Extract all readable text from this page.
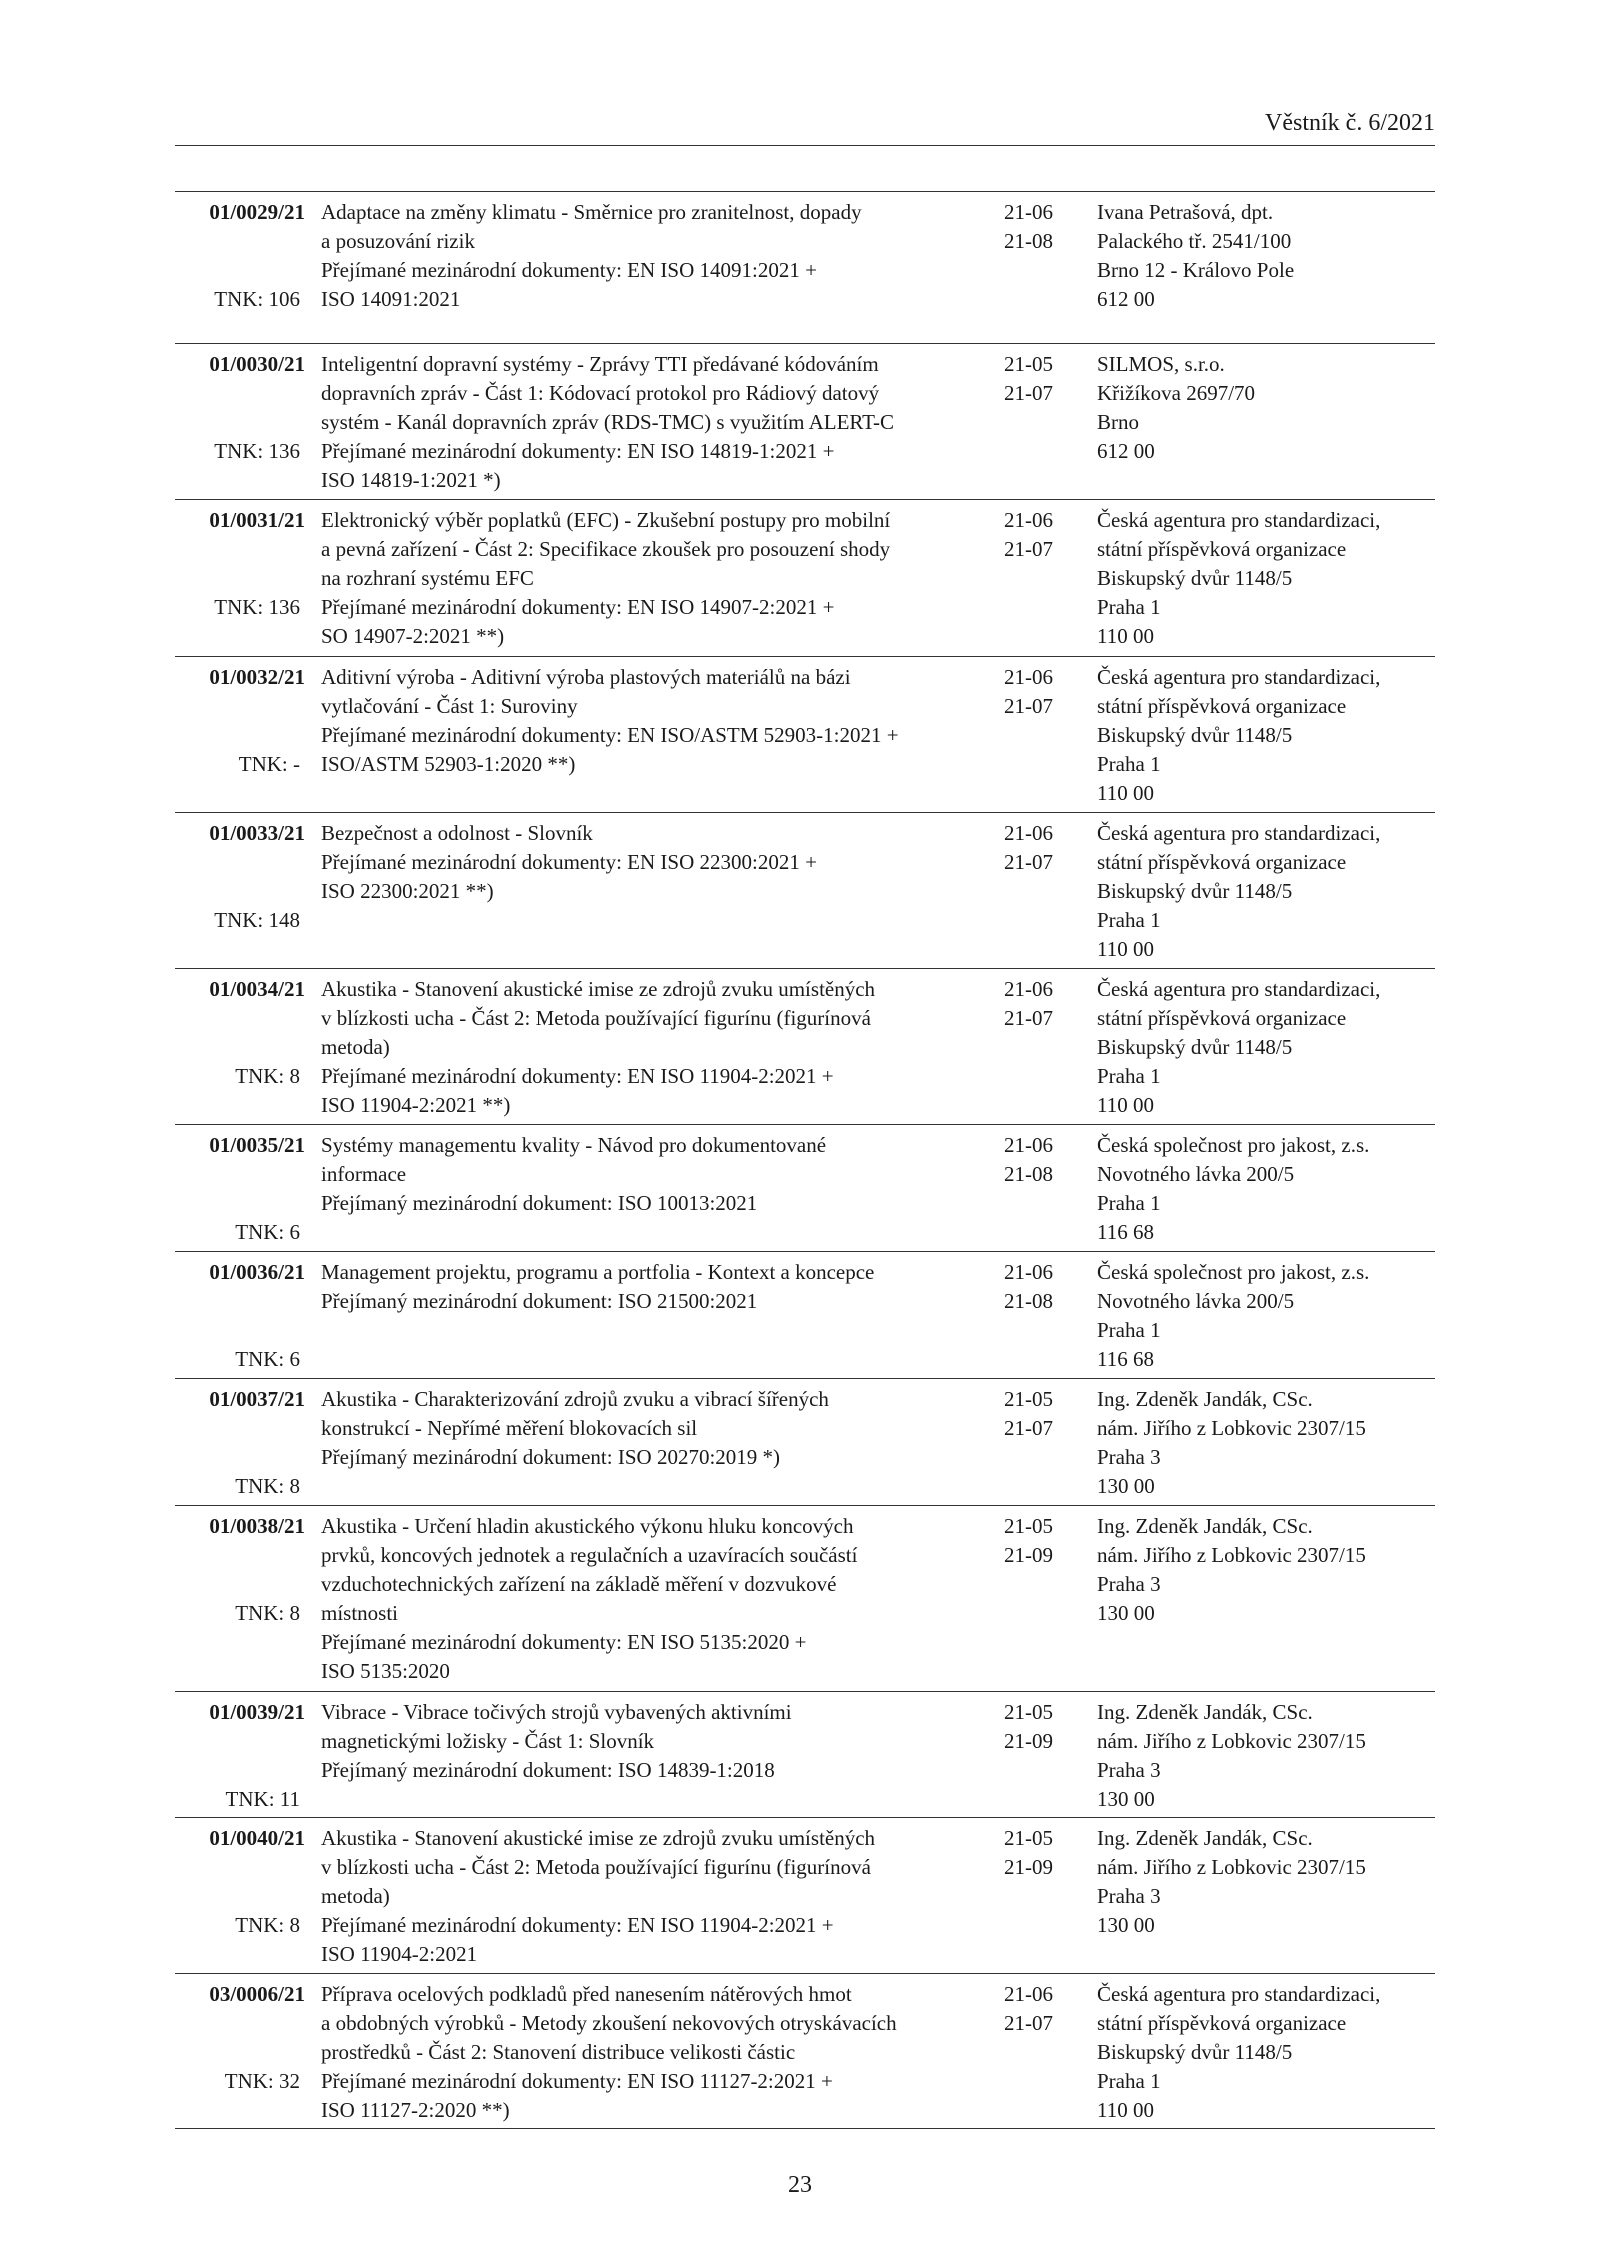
Věstník č. 6/2021
01/0029/21
TNK: 106
Adaptace na změny klimatu - Směrnice pro zranitelnost, dopady
a posuzování rizik
Přejímané mezinárodní dokumenty: EN ISO 14091:2021 +
ISO 14091:2021
21-06
21-08
Ivana Petrašová, dpt.
Palackého tř. 2541/100
Brno 12 - Královo Pole
612 00
01/0030/21
TNK: 136
Inteligentní dopravní systémy - Zprávy TTI předávané kódováním
dopravních zpráv - Část 1: Kódovací protokol pro Rádiový datový
systém - Kanál dopravních zpráv (RDS-TMC) s využitím ALERT-C
Přejímané mezinárodní dokumenty: EN ISO 14819-1:2021 +
ISO 14819-1:2021 *)
21-05
21-07
SILMOS, s.r.o.
Křižíkova 2697/70
Brno
612 00
01/0031/21
TNK: 136
Elektronický výběr poplatků (EFC) - Zkušební postupy pro mobilní
a pevná zařízení - Část 2: Specifikace zkoušek pro posouzení shody
na rozhraní systému EFC
Přejímané mezinárodní dokumenty: EN ISO 14907-2:2021 +
SO 14907-2:2021 **)
21-06
21-07
Česká agentura pro standardizaci,
státní příspěvková organizace
Biskupský dvůr 1148/5
Praha 1
110 00
01/0032/21
TNK: -
Aditivní výroba - Aditivní výroba plastových materiálů na bázi
vytlačování - Část 1: Suroviny
Přejímané mezinárodní dokumenty: EN ISO/ASTM 52903-1:2021 +
ISO/ASTM 52903-1:2020 **)
21-06
21-07
Česká agentura pro standardizaci,
státní příspěvková organizace
Biskupský dvůr 1148/5
Praha 1
110 00
01/0033/21
TNK: 148
Bezpečnost a odolnost - Slovník
Přejímané mezinárodní dokumenty: EN ISO 22300:2021 +
ISO 22300:2021 **)
21-06
21-07
Česká agentura pro standardizaci,
státní příspěvková organizace
Biskupský dvůr 1148/5
Praha 1
110 00
01/0034/21
TNK: 8
Akustika - Stanovení akustické imise ze zdrojů zvuku umístěných
v blízkosti ucha - Část 2: Metoda používající figurínu (figurínová
metoda)
Přejímané mezinárodní dokumenty: EN ISO 11904-2:2021 +
ISO 11904-2:2021 **)
21-06
21-07
Česká agentura pro standardizaci,
státní příspěvková organizace
Biskupský dvůr 1148/5
Praha 1
110 00
01/0035/21
TNK: 6
Systémy managementu kvality - Návod pro dokumentované
informace
Přejímaný mezinárodní dokument: ISO 10013:2021
21-06
21-08
Česká společnost pro jakost, z.s.
Novotného lávka 200/5
Praha 1
116 68
01/0036/21
TNK: 6
Management projektu, programu a portfolia - Kontext a koncepce
Přejímaný mezinárodní dokument: ISO 21500:2021
21-06
21-08
Česká společnost pro jakost, z.s.
Novotného lávka 200/5
Praha 1
116 68
01/0037/21
TNK: 8
Akustika - Charakterizování zdrojů zvuku a vibrací šířených
konstrukcí - Nepřímé měření blokovacích sil
Přejímaný mezinárodní dokument: ISO 20270:2019 *)
21-05
21-07
Ing. Zdeněk Jandák, CSc.
nám. Jiřího z Lobkovic 2307/15
Praha 3
130 00
01/0038/21
TNK: 8
Akustika - Určení hladin akustického výkonu hluku koncových
prvků, koncových jednotek a regulačních a uzavíracích součástí
vzduchotechnických zařízení na základě měření v dozvukové
místnosti
Přejímané mezinárodní dokumenty: EN ISO 5135:2020 +
ISO 5135:2020
21-05
21-09
Ing. Zdeněk Jandák, CSc.
nám. Jiřího z Lobkovic 2307/15
Praha 3
130 00
01/0039/21
TNK: 11
Vibrace - Vibrace točivých strojů vybavených aktivními
magnetickými ložisky - Část 1: Slovník
Přejímaný mezinárodní dokument: ISO 14839-1:2018
21-05
21-09
Ing. Zdeněk Jandák, CSc.
nám. Jiřího z Lobkovic 2307/15
Praha 3
130 00
01/0040/21
TNK: 8
Akustika - Stanovení akustické imise ze zdrojů zvuku umístěných
v blízkosti ucha - Část 2: Metoda používající figurínu (figurínová
metoda)
Přejímané mezinárodní dokumenty: EN ISO 11904-2:2021 +
ISO 11904-2:2021
21-05
21-09
Ing. Zdeněk Jandák, CSc.
nám. Jiřího z Lobkovic 2307/15
Praha 3
130 00
03/0006/21
TNK: 32
Příprava ocelových podkladů před nanesením nátěrových hmot
a obdobných výrobků - Metody zkoušení nekovových otryskávacích
prostředků - Část 2: Stanovení distribuce velikosti částic
Přejímané mezinárodní dokumenty: EN ISO 11127-2:2021 +
ISO 11127-2:2020 **)
21-06
21-07
Česká agentura pro standardizaci,
státní příspěvková organizace
Biskupský dvůr 1148/5
Praha 1
110 00
23
